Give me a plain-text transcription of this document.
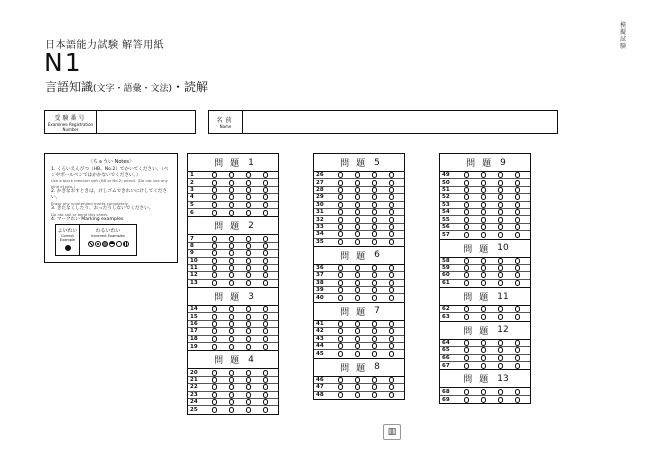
日本語能力試験 解答用紙
N1
言語知識(文字・語彙・文法)・読解
模擬試験
受験番号
Examinee Registration Number
名前
Name
〈ちゅうい Notes〉
1. くろいえんぴつ（HB、No.2）でかいてください。（ペンやボールペンではかかないでください。）
Use a black medium soft (HB or No.2) pencil. (Do not use any kind of pen.)
2. かきなおすときは、けしゴムできれいにけしてください。
Erase any unintended marks completely.
3. きたなくしたり、おったりしないでください。
Do not soil or bend this sheet.
4. マークれい Marking examples
よいれい
Correct Example
わるいれい
Incorrect Examples
問題 1
1
2
3
4
5
6
問題 2
7
8
9
10
11
12
13
問題 3
14
15
16
17
18
19
問題 4
20
21
22
23
24
25
問題 5
26
27
28
29
30
31
32
33
34
35
問題 6
36
37
38
39
40
問題 7
41
42
43
44
45
問題 8
46
47
48
問題 9
49
50
51
52
53
54
55
56
57
問題 10
58
59
60
61
問題 11
62
63
問題 12
64
65
66
67
問題 13
68
69
▥
